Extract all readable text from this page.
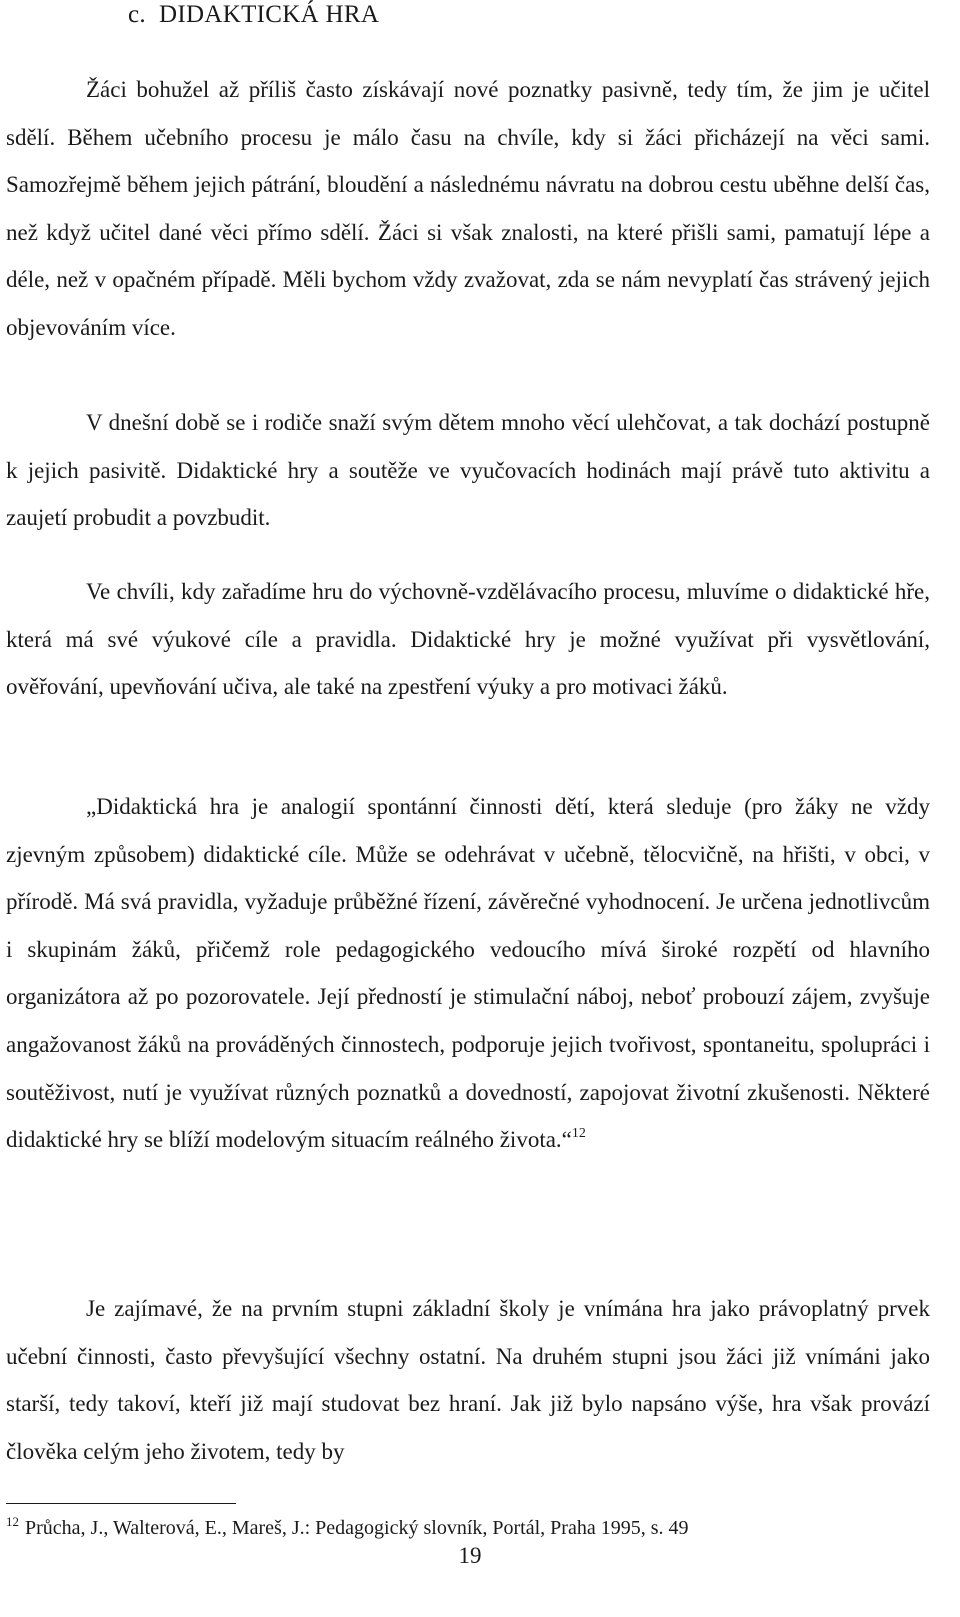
c.  DIDAKTICKÁ HRA

Žáci bohužel až příliš často získávají nové poznatky pasivně, tedy tím, že jim je učitel sdělí. Během učebního procesu je málo času na chvíle, kdy si žáci přicházejí na věci sami. Samozřejmě během jejich pátrání, bloudění a následnému návratu na dobrou cestu uběhne delší čas, než když učitel dané věci přímo sdělí. Žáci si však znalosti, na které přišli sami, pamatují lépe a déle, než v opačném případě. Měli bychom vždy zvažovat, zda se nám nevyplatí čas strávený jejich objevováním více.

V dnešní době se i rodiče snaží svým dětem mnoho věcí ulehčovat, a tak dochází postupně k jejich pasivitě. Didaktické hry a soutěže ve vyučovacích hodinách mají právě tuto aktivitu a zaujetí probudit a povzbudit.

Ve chvíli, kdy zařadíme hru do výchovně-vzdělávacího procesu, mluvíme o didaktické hře, která má své výukové cíle a pravidla. Didaktické hry je možné využívat při vysvětlování, ověřování, upevňování učiva, ale také na zpestření výuky a pro motivaci žáků.

„Didaktická hra je analogií spontánní činnosti dětí, která sleduje (pro žáky ne vždy zjevným způsobem) didaktické cíle. Může se odehrávat v učebně, tělocvičně, na hřišti, v obci, v přírodě. Má svá pravidla, vyžaduje průběžné řízení, závěrečné vyhodnocení. Je určena jednotlivcům i skupinám žáků, přičemž role pedagogického vedoucího mívá široké rozpětí od hlavního organizátora až po pozorovatele. Její předností je stimulační náboj, neboť probouzí zájem, zvyšuje angažovanost žáků na prováděných činnostech, podporuje jejich tvořivost, spontaneitu, spolupráci i soutěživost, nutí je využívat různých poznatků a dovedností, zapojovat životní zkušenosti. Některé didaktické hry se blíží modelovým situacím reálného života.“$^{12}$

Je zajímavé, že na prvním stupni základní školy je vnímána hra jako právoplatný prvek učební činnosti, často převyšující všechny ostatní. Na druhém stupni jsou žáci již vnímáni jako starší, tedy takoví, kteří již mají studovat bez hraní. Jak již bylo napsáno výše, hra však provází člověka celým jeho životem, tedy by

$^{12}$ Průcha, J., Walterová, E., Mareš, J.: Pedagogický slovník, Portál, Praha 1995, s. 49
19
